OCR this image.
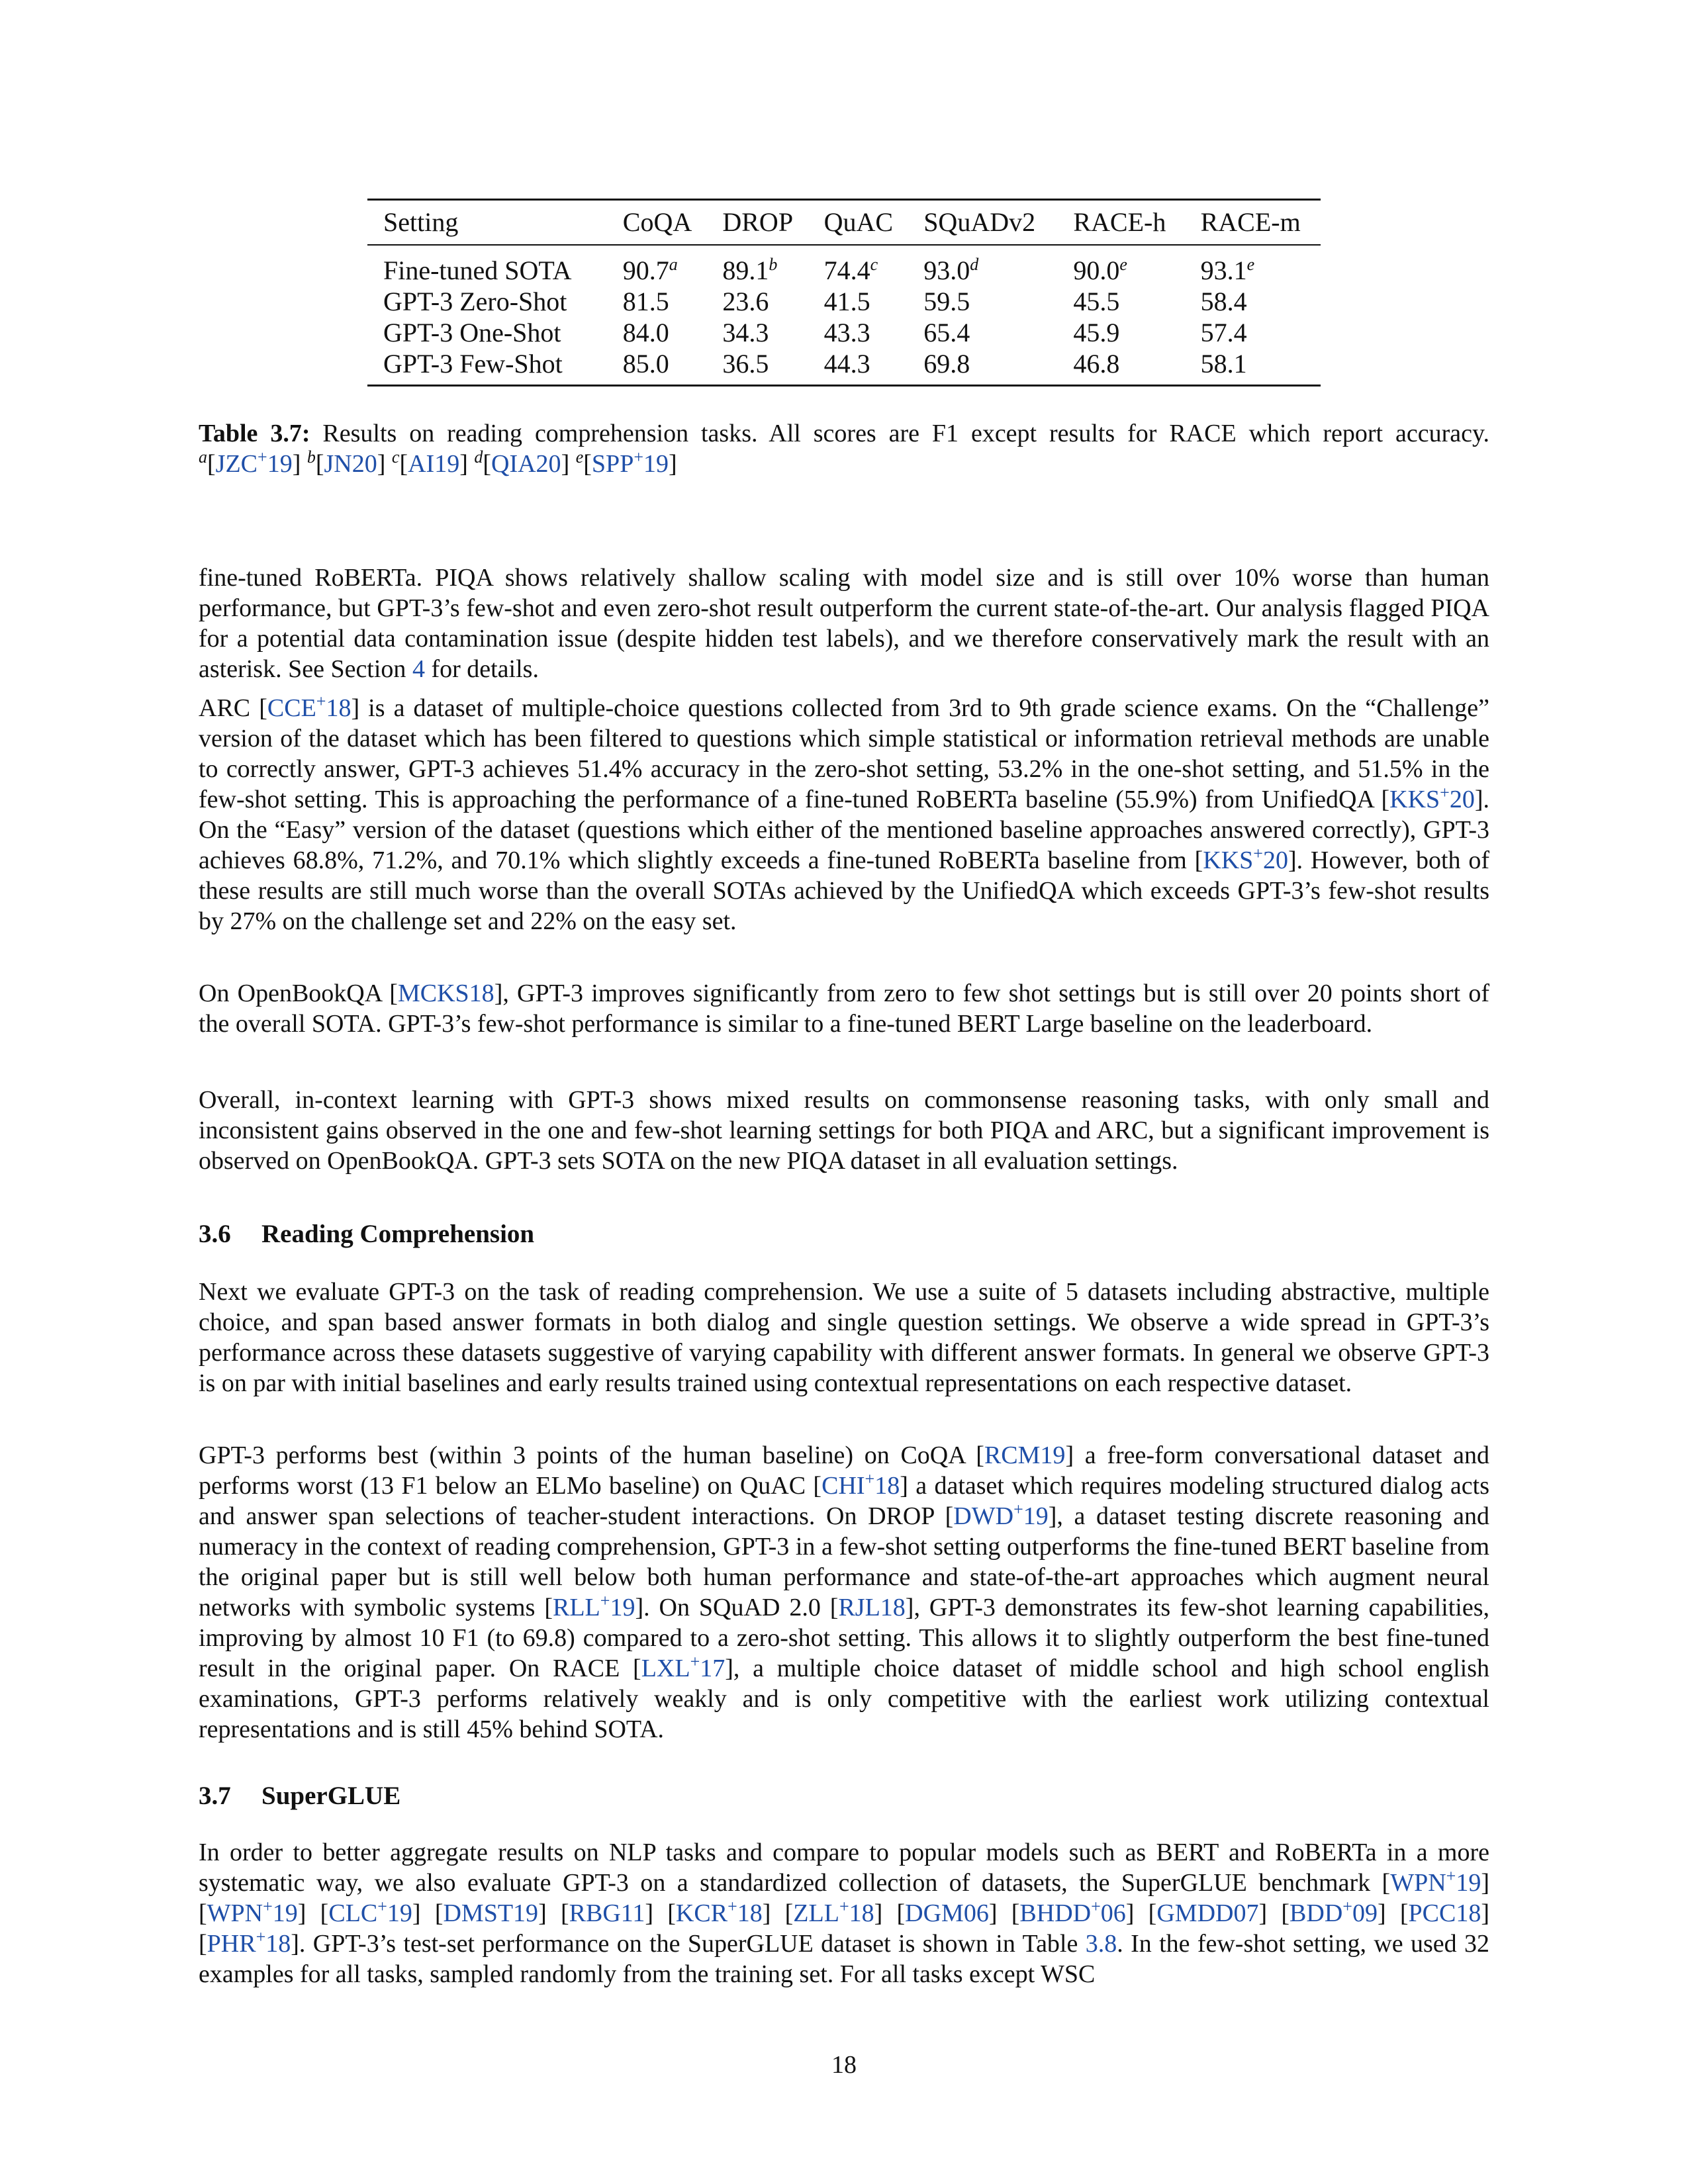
Setting	CoQA	DROP	QuAC	SQuADv2	RACE-h	RACE-m
Fine-tuned SOTA	90.7$^a$	89.1$^b$	74.4$^c$	93.0$^d$	90.0e	93.1e
GPT-3 Zero-Shot	81.5	23.6	41.5	59.5	45.5	58.4
GPT-3 One-Shot	84.0	34.3	43.3	65.4	45.9	57.4
GPT-3 Few-Shot	85.0	36.5	44.3	69.8	46.8	58.1
Table 3.7: Results on reading comprehension tasks. All scores are F1 except results for RACE which report accuracy. $^a$[JZC+19] $^b$[JN20] $^c$[AI19] $^d$[QIA20] $^e$[SPP+19]

fine-tuned RoBERTa. PIQA shows relatively shallow scaling with model size and is still over 10% worse than human performance, but GPT-3’s few-shot and even zero-shot result outperform the current state-of-the-art. Our analysis flagged PIQA for a potential data contamination issue (despite hidden test labels), and we therefore conservatively mark the result with an asterisk. See Section 4 for details.

ARC [CCE+18] is a dataset of multiple-choice questions collected from 3rd to 9th grade science exams. On the “Challenge” version of the dataset which has been filtered to questions which simple statistical or information retrieval methods are unable to correctly answer, GPT-3 achieves 51.4% accuracy in the zero-shot setting, 53.2% in the one-shot setting, and 51.5% in the few-shot setting. This is approaching the performance of a fine-tuned RoBERTa baseline (55.9%) from UnifiedQA [KKS+20]. On the “Easy” version of the dataset (questions which either of the mentioned baseline approaches answered correctly), GPT-3 achieves 68.8%, 71.2%, and 70.1% which slightly exceeds a fine-tuned RoBERTa baseline from [KKS+20]. However, both of these results are still much worse than the overall SOTAs achieved by the UnifiedQA which exceeds GPT-3’s few-shot results by 27% on the challenge set and 22% on the easy set.

On OpenBookQA [MCKS18], GPT-3 improves significantly from zero to few shot settings but is still over 20 points short of the overall SOTA. GPT-3’s few-shot performance is similar to a fine-tuned BERT Large baseline on the leaderboard.

Overall, in-context learning with GPT-3 shows mixed results on commonsense reasoning tasks, with only small and inconsistent gains observed in the one and few-shot learning settings for both PIQA and ARC, but a significant improvement is observed on OpenBookQA. GPT-3 sets SOTA on the new PIQA dataset in all evaluation settings.

3.6 Reading Comprehension

Next we evaluate GPT-3 on the task of reading comprehension. We use a suite of 5 datasets including abstractive, multiple choice, and span based answer formats in both dialog and single question settings. We observe a wide spread in GPT-3’s performance across these datasets suggestive of varying capability with different answer formats. In general we observe GPT-3 is on par with initial baselines and early results trained using contextual representations on each respective dataset.

GPT-3 performs best (within 3 points of the human baseline) on CoQA [RCM19] a free-form conversational dataset and performs worst (13 F1 below an ELMo baseline) on QuAC [CHI+18] a dataset which requires modeling structured dialog acts and answer span selections of teacher-student interactions. On DROP [DWD+19], a dataset testing discrete reasoning and numeracy in the context of reading comprehension, GPT-3 in a few-shot setting outperforms the fine-tuned BERT baseline from the original paper but is still well below both human performance and state-of-the-art approaches which augment neural networks with symbolic systems [RLL+19]. On SQuAD 2.0 [RJL18], GPT-3 demonstrates its few-shot learning capabilities, improving by almost 10 F1 (to 69.8) compared to a zero-shot setting. This allows it to slightly outperform the best fine-tuned result in the original paper. On RACE [LXL+17], a multiple choice dataset of middle school and high school english examinations, GPT-3 performs relatively weakly and is only competitive with the earliest work utilizing contextual representations and is still 45% behind SOTA.

3.7 SuperGLUE

In order to better aggregate results on NLP tasks and compare to popular models such as BERT and RoBERTa in a more systematic way, we also evaluate GPT-3 on a standardized collection of datasets, the SuperGLUE benchmark [WPN+19] [WPN+19] [CLC+19] [DMST19] [RBG11] [KCR+18] [ZLL+18] [DGM06] [BHDD+06] [GMDD07] [BDD+09] [PCC18] [PHR+18]. GPT-3’s test-set performance on the SuperGLUE dataset is shown in Table 3.8. In the few-shot setting, we used 32 examples for all tasks, sampled randomly from the training set. For all tasks except WSC

18
